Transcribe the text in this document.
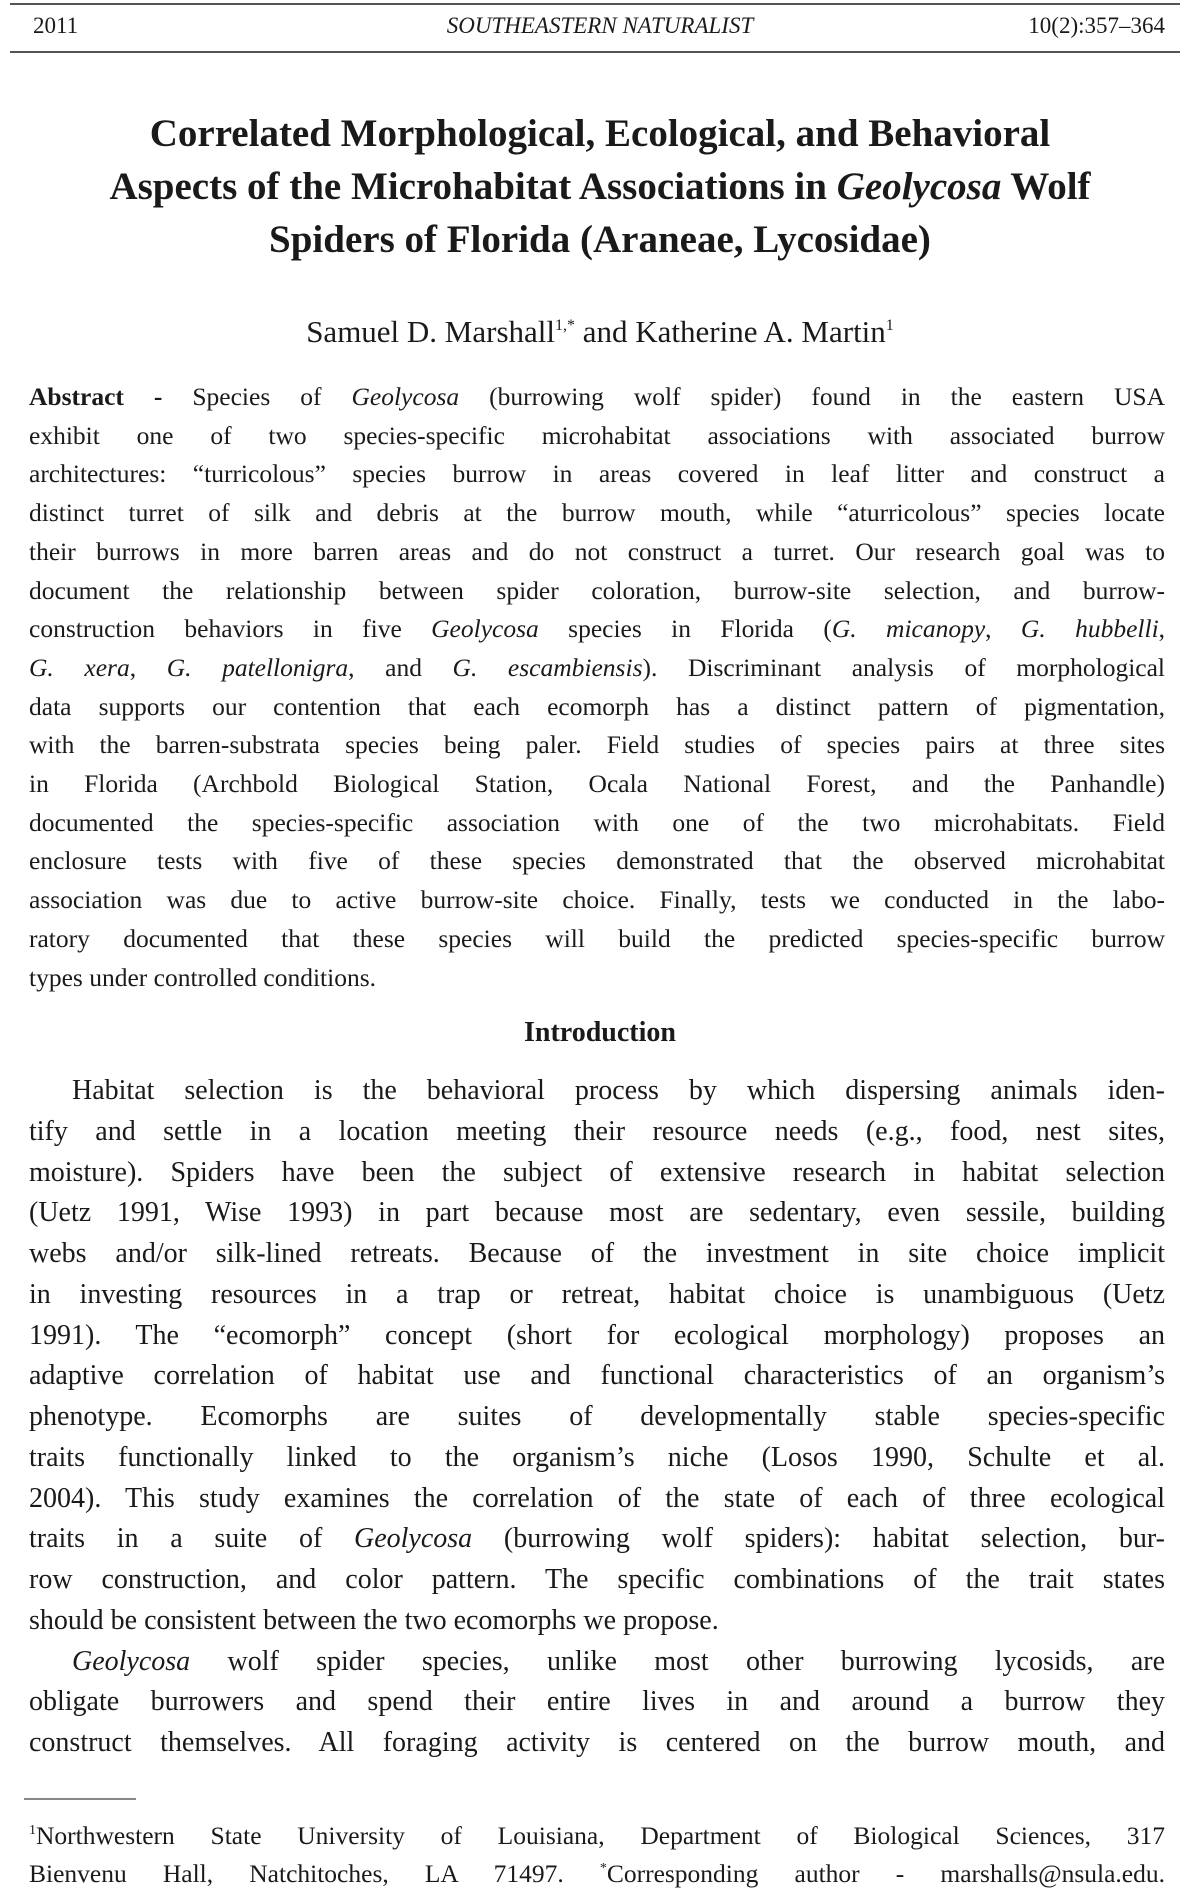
2011	SOUTHEASTERN NATURALIST	10(2):357–364
Correlated Morphological, Ecological, and Behavioral
Aspects of the Microhabitat Associations in Geolycosa Wolf
Spiders of Florida (Araneae, Lycosidae)
Samuel D. Marshall$^{1,*}$ and Katherine A. Martin$^1$
Abstract - Species of Geolycosa (burrowing wolf spider) found in the eastern USA
exhibit one of two species-specific microhabitat associations with associated burrow
architectures: “turricolous” species burrow in areas covered in leaf litter and construct a
distinct turret of silk and debris at the burrow mouth, while “aturricolous” species locate
their burrows in more barren areas and do not construct a turret. Our research goal was to
document the relationship between spider coloration, burrow-site selection, and burrow-
construction behaviors in five Geolycosa species in Florida (G. micanopy, G. hubbelli,
G. xera, G. patellonigra, and G. escambiensis). Discriminant analysis of morphological
data supports our contention that each ecomorph has a distinct pattern of pigmentation,
with the barren-substrata species being paler. Field studies of species pairs at three sites
in Florida (Archbold Biological Station, Ocala National Forest, and the Panhandle)
documented the species-specific association with one of the two microhabitats. Field
enclosure tests with five of these species demonstrated that the observed microhabitat
association was due to active burrow-site choice. Finally, tests we conducted in the labo-
ratory documented that these species will build the predicted species-specific burrow
types under controlled conditions.
Introduction
Habitat selection is the behavioral process by which dispersing animals iden-
tify and settle in a location meeting their resource needs (e.g., food, nest sites,
moisture). Spiders have been the subject of extensive research in habitat selection
(Uetz 1991, Wise 1993) in part because most are sedentary, even sessile, building
webs and/or silk-lined retreats. Because of the investment in site choice implicit
in investing resources in a trap or retreat, habitat choice is unambiguous (Uetz
1991). The “ecomorph” concept (short for ecological morphology) proposes an
adaptive correlation of habitat use and functional characteristics of an organism’s
phenotype. Ecomorphs are suites of developmentally stable species-specific
traits functionally linked to the organism’s niche (Losos 1990, Schulte et al.
2004). This study examines the correlation of the state of each of three ecological
traits in a suite of Geolycosa (burrowing wolf spiders): habitat selection, bur-
row construction, and color pattern. The specific combinations of the trait states
should be consistent between the two ecomorphs we propose.
Geolycosa wolf spider species, unlike most other burrowing lycosids, are
obligate burrowers and spend their entire lives in and around a burrow they
construct themselves. All foraging activity is centered on the burrow mouth, and
$^1$Northwestern State University of Louisiana, Department of Biological Sciences, 317
Bienvenu Hall, Natchitoches, LA 71497. *Corresponding author - marshalls@nsula.edu.
